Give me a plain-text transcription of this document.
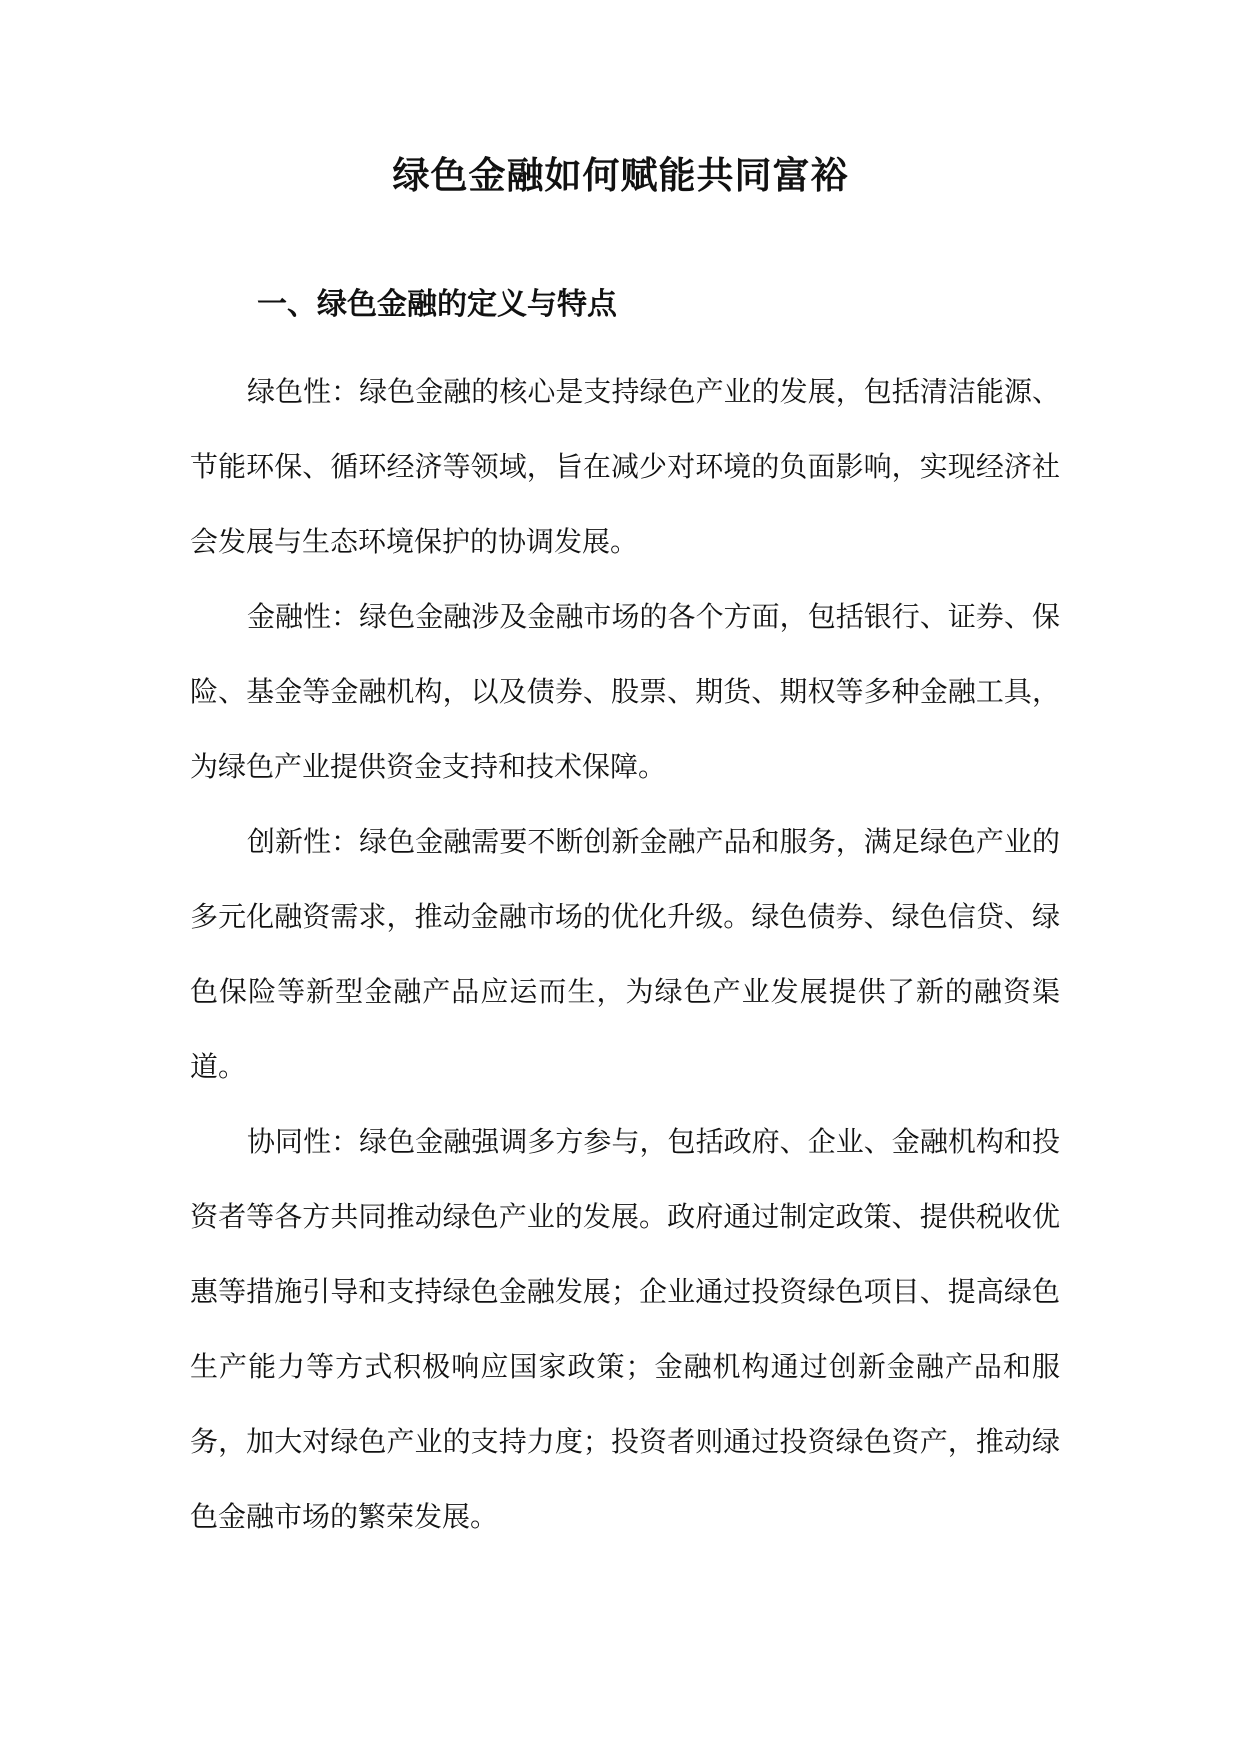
绿色金融如何赋能共同富裕
一、绿色金融的定义与特点

绿色性：绿色金融的核心是支持绿色产业的发展，包括清洁能源、节能环保、循环经济等领域，旨在减少对环境的负面影响，实现经济社会发展与生态环境保护的协调发展。

金融性：绿色金融涉及金融市场的各个方面，包括银行、证券、保险、基金等金融机构，以及债券、股票、期货、期权等多种金融工具，为绿色产业提供资金支持和技术保障。

创新性：绿色金融需要不断创新金融产品和服务，满足绿色产业的多元化融资需求，推动金融市场的优化升级。绿色债券、绿色信贷、绿色保险等新型金融产品应运而生，为绿色产业发展提供了新的融资渠道。

协同性：绿色金融强调多方参与，包括政府、企业、金融机构和投资者等各方共同推动绿色产业的发展。政府通过制定政策、提供税收优惠等措施引导和支持绿色金融发展；企业通过投资绿色项目、提高绿色生产能力等方式积极响应国家政策；金融机构通过创新金融产品和服务，加大对绿色产业的支持力度；投资者则通过投资绿色资产，推动绿色金融市场的繁荣发展。
